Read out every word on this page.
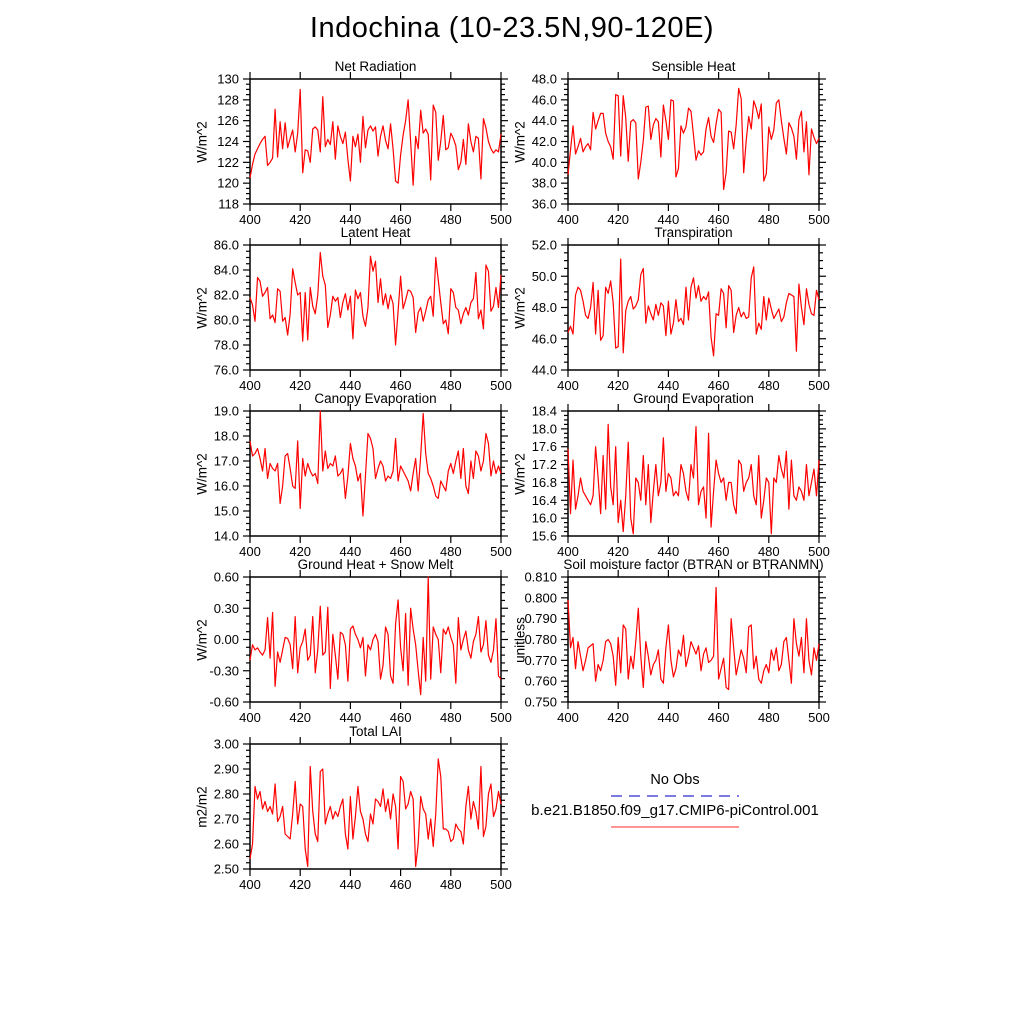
Indochina (10-23.5N,90-120E)
Net Radiation
W/m^2
118
120
122
124
126
128
130
400 420 440 460 480 500
Sensible Heat
W/m^2
36.0
38.0
40.0
42.0
44.0
46.0
48.0
400 420 440 460 480 500
Latent Heat
W/m^2
76.0
78.0
80.0
82.0
84.0
86.0
400 420 440 460 480 500
Transpiration
W/m^2
44.0
46.0
48.0
50.0
52.0
400 420 440 460 480 500
Canopy Evaporation
W/m^2
14.0
15.0
16.0
17.0
18.0
19.0
400 420 440 460 480 500
Ground Evaporation
W/m^2
15.6
16.0
16.4
16.8
17.2
17.6
18.0
18.4
400 420 440 460 480 500
Ground Heat + Snow Melt
W/m^2
-0.60
-0.30
0.00
0.30
0.60
400 420 440 460 480 500
Soil moisture factor (BTRAN or BTRANMN)
unitless
0.750
0.760
0.770
0.780
0.790
0.800
0.810
400 420 440 460 480 500
Total LAI
m2/m2
2.50
2.60
2.70
2.80
2.90
3.00
400 420 440 460 480 500
No Obs
b.e21.B1850.f09_g17.CMIP6-piControl.001
